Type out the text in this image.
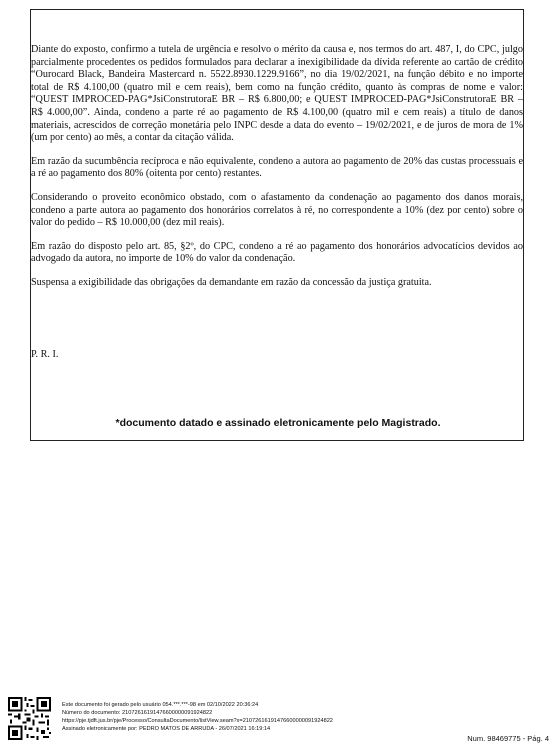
Diante do exposto, confirmo a tutela de urgência e resolvo o mérito da causa e, nos termos do art. 487, I, do CPC, julgo parcialmente procedentes os pedidos formulados para declarar a inexigibilidade da dívida referente ao cartão de crédito “Ourocard Black, Bandeira Mastercard n. 5522.8930.1229.9166”, no dia 19/02/2021, na função débito e no importe total de R$ 4.100,00 (quatro mil e cem reais), bem como na função crédito, quanto às compras de nome e valor: “QUEST IMPROCED-PAG*JsiConstrutoraE BR – R$ 6.800,00; e QUEST IMPROCED-PAG*JsiConstrutoraE BR – R$ 4.000,00”. Ainda, condeno a parte ré ao pagamento de R$ 4.100,00 (quatro mil e cem reais) a título de danos materiais, acrescidos de correção monetária pelo INPC desde a data do evento – 19/02/2021, e de juros de mora de 1% (um por cento) ao mês, a contar da citação válida.

Em razão da sucumbência recíproca e não equivalente, condeno a autora ao pagamento de 20% das custas processuais e a ré ao pagamento dos 80% (oitenta por cento) restantes.

Considerando o proveito econômico obstado, com o afastamento da condenação ao pagamento dos danos morais, condeno a parte autora ao pagamento dos honorários correlatos à ré, no correspondente a 10% (dez por cento) sobre o valor do pedido – R$ 10.000,00 (dez mil reais).

Em razão do disposto pelo art. 85, §2º, do CPC, condeno a ré ao pagamento dos honorários advocatícios devidos ao advogado da autora, no importe de 10% do valor da condenação.

Suspensa a exigibilidade das obrigações da demandante em razão da concessão da justiça gratuita.

P. R. I.
*documento datado e assinado eletronicamente pelo Magistrado.
Este documento foi gerado pelo usuário 054.***.***-98 em 02/10/2022 20:36:24
Número do documento: 21072616191476600000091924822
https://pje.tjdft.jus.br/pje/Processo/ConsultaDocumento/listView.seam?x=21072616191476600000091924822
Assinado eletronicamente por: PEDRO MATOS DE ARRUDA - 26/07/2021 16:19:14
Num. 98469775 - Pág. 4
